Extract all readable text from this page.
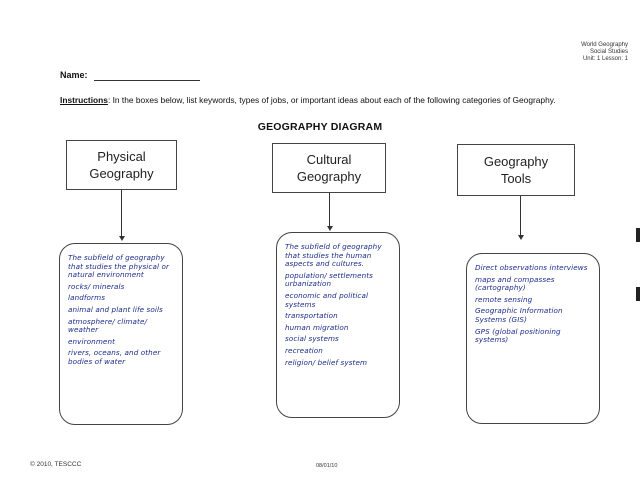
World Geography
Social Studies
Unit: 1 Lesson: 1
Name:
Instructions: In the boxes below, list keywords, types of jobs, or important ideas about each of the following categories of Geography.
GEOGRAPHY DIAGRAM
Physical
Geography
The subfield of geography that studies the physical or natural environment
rocks/ minerals
landforms
animal and plant life soils
atmosphere/ climate/ weather
environment
rivers, oceans, and other bodies of water
Cultural
Geography
The subfield of geography that studies the human aspects and cultures.
population/ settlements urbanization
economic and political systems
transportation
human migration
social systems
recreation
religion/ belief system
Geography
Tools
Direct observations interviews
maps and compasses (cartography)
remote sensing
Geographic Information Systems (GIS)
GPS (global positioning systems)
© 2010, TESCCC	08/01/10
